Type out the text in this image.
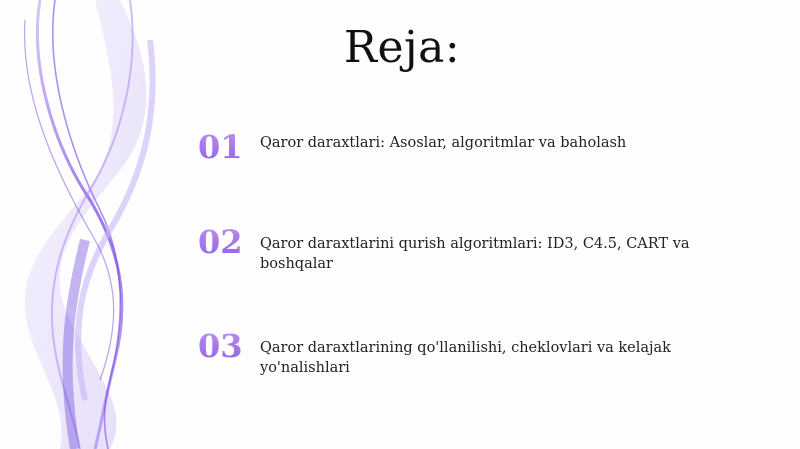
Reja:
01 Qaror daraxtlari: Asoslar, algoritmlar va baholash
02 Qaror daraxtlarini qurish algoritmlari: ID3, C4.5, CART va boshqalar
03 Qaror daraxtlarining qo'llanilishi, cheklovlari va kelajak yo'nalishlari
